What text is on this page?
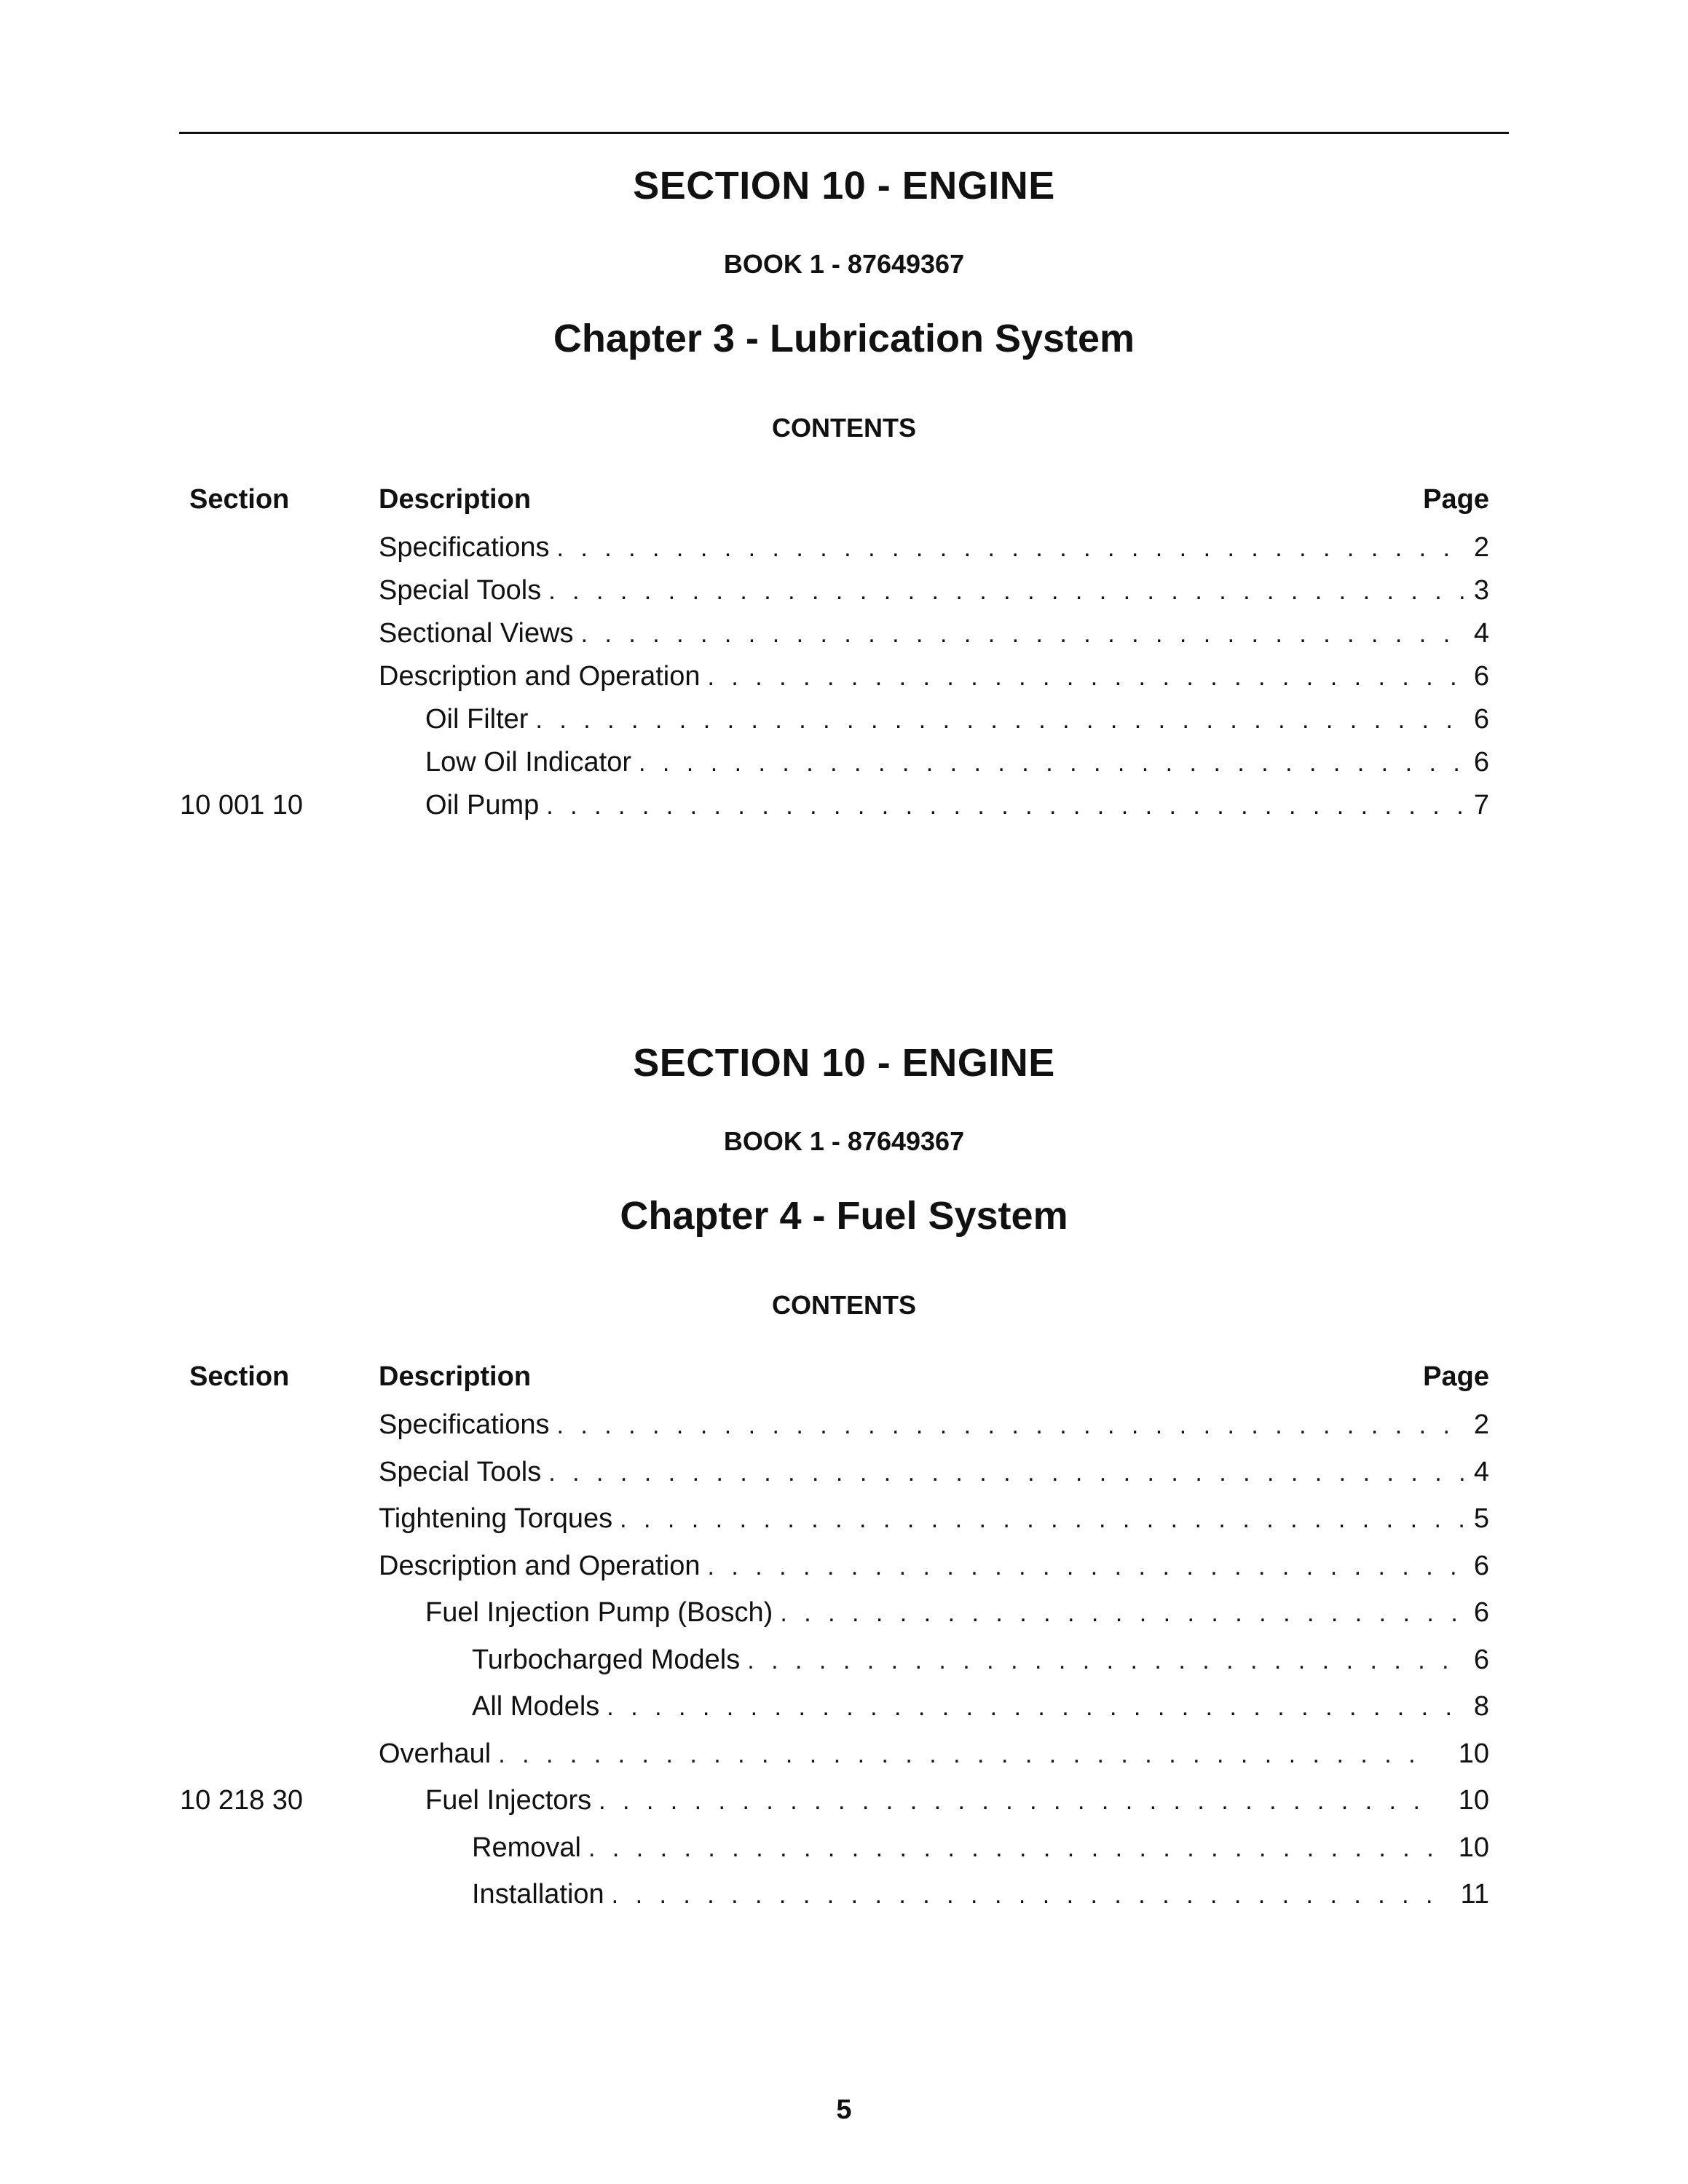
SECTION 10 - ENGINE
BOOK 1 - 87649367
Chapter 3 - Lubrication System
CONTENTS
Section	Description	Page
Specifications . . .	2
Special Tools . . .	3
Sectional Views . . .	4
Description and Operation . . .	6
Oil Filter . . .	6
Low Oil Indicator . . .	6
10 001 10	Oil Pump . . .	7
SECTION 10 - ENGINE
BOOK 1 - 87649367
Chapter 4 - Fuel System
CONTENTS
Section	Description	Page
Specifications . . .	2
Special Tools . . .	4
Tightening Torques . . .	5
Description and Operation . . .	6
Fuel Injection Pump (Bosch) . . .	6
Turbocharged Models . . .	6
All Models . . .	8
Overhaul . . .	10
10 218 30	Fuel Injectors . . .	10
Removal . . .	10
Installation . . .	11
5
